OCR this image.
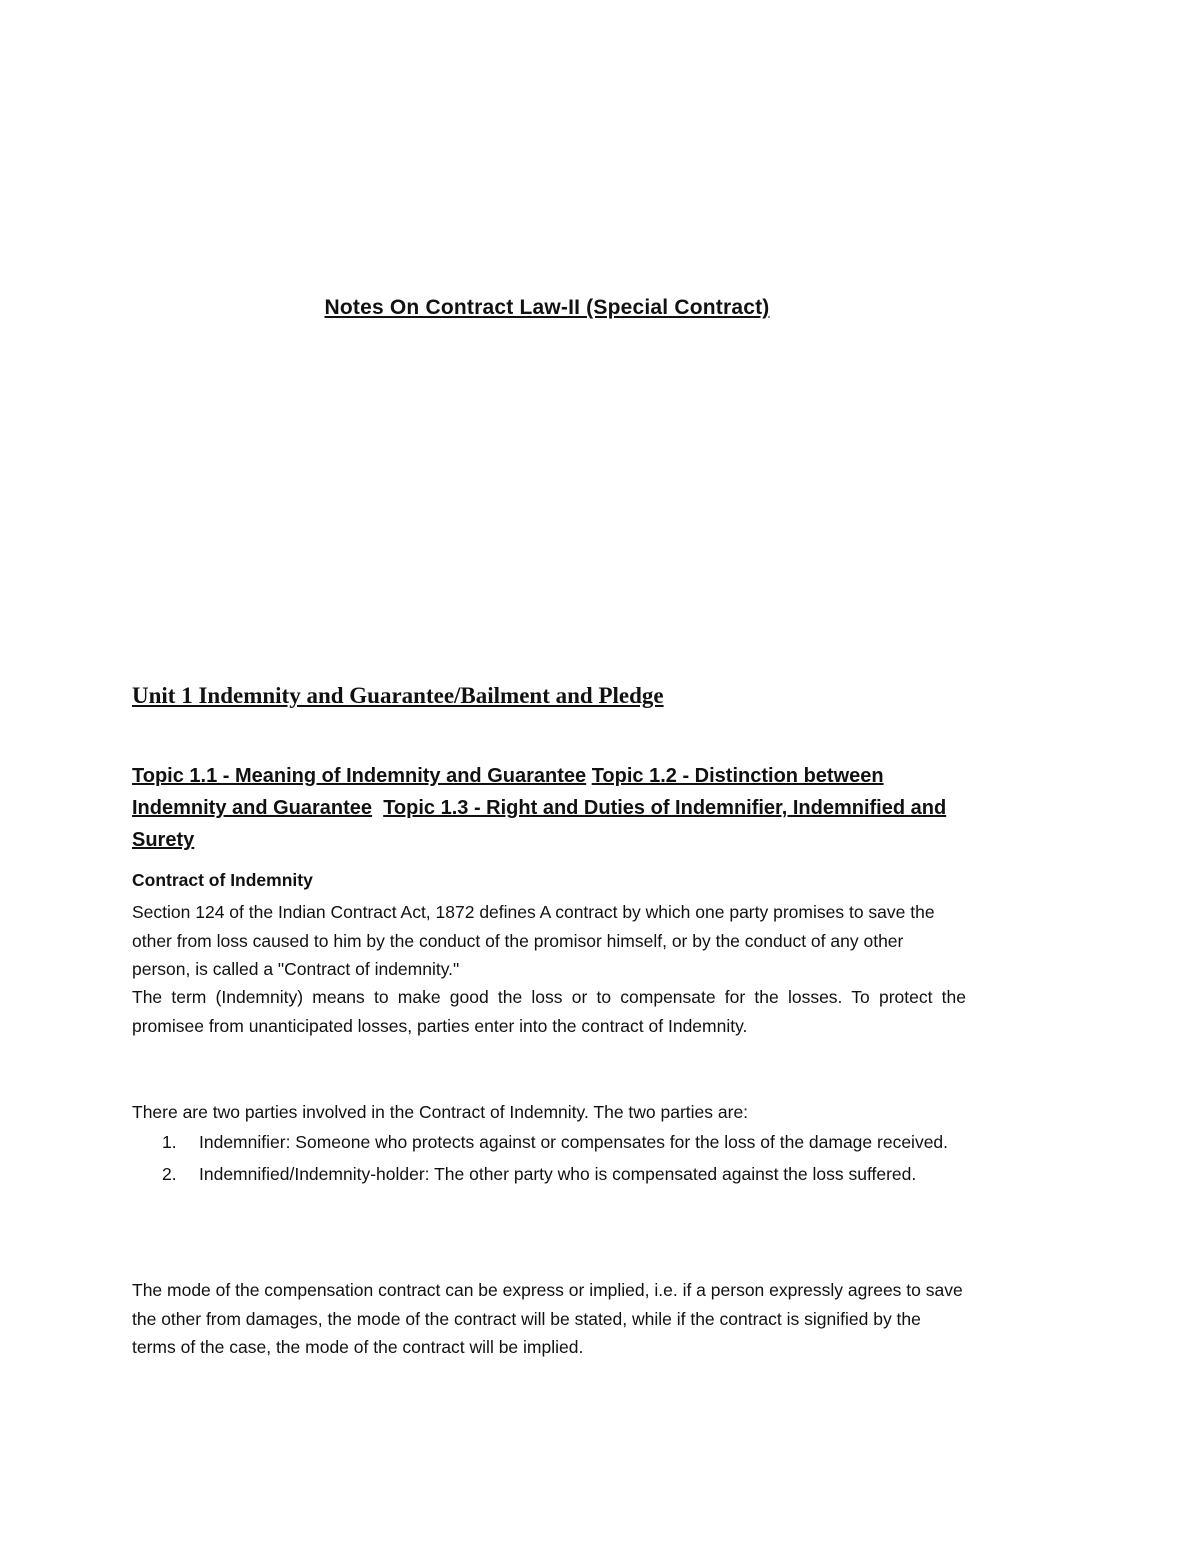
Notes On Contract Law-II (Special Contract)
Unit 1 Indemnity and Guarantee/Bailment and Pledge
Topic 1.1 - Meaning of Indemnity and Guarantee Topic 1.2 - Distinction between Indemnity and Guarantee Topic 1.3 - Right and Duties of Indemnifier, Indemnified and Surety
Contract of Indemnity
Section 124 of the Indian Contract Act, 1872 defines A contract by which one party promises to save the other from loss caused to him by the conduct of the promisor himself, or by the conduct of any other person, is called a "Contract of indemnity."
The term (Indemnity) means to make good the loss or to compensate for the losses. To protect the promisee from unanticipated losses, parties enter into the contract of Indemnity.
There are two parties involved in the Contract of Indemnity. The two parties are:
1. Indemnifier: Someone who protects against or compensates for the loss of the damage received.
2. Indemnified/Indemnity-holder: The other party who is compensated against the loss suffered.
The mode of the compensation contract can be express or implied, i.e. if a person expressly agrees to save the other from damages, the mode of the contract will be stated, while if the contract is signified by the terms of the case, the mode of the contract will be implied.
